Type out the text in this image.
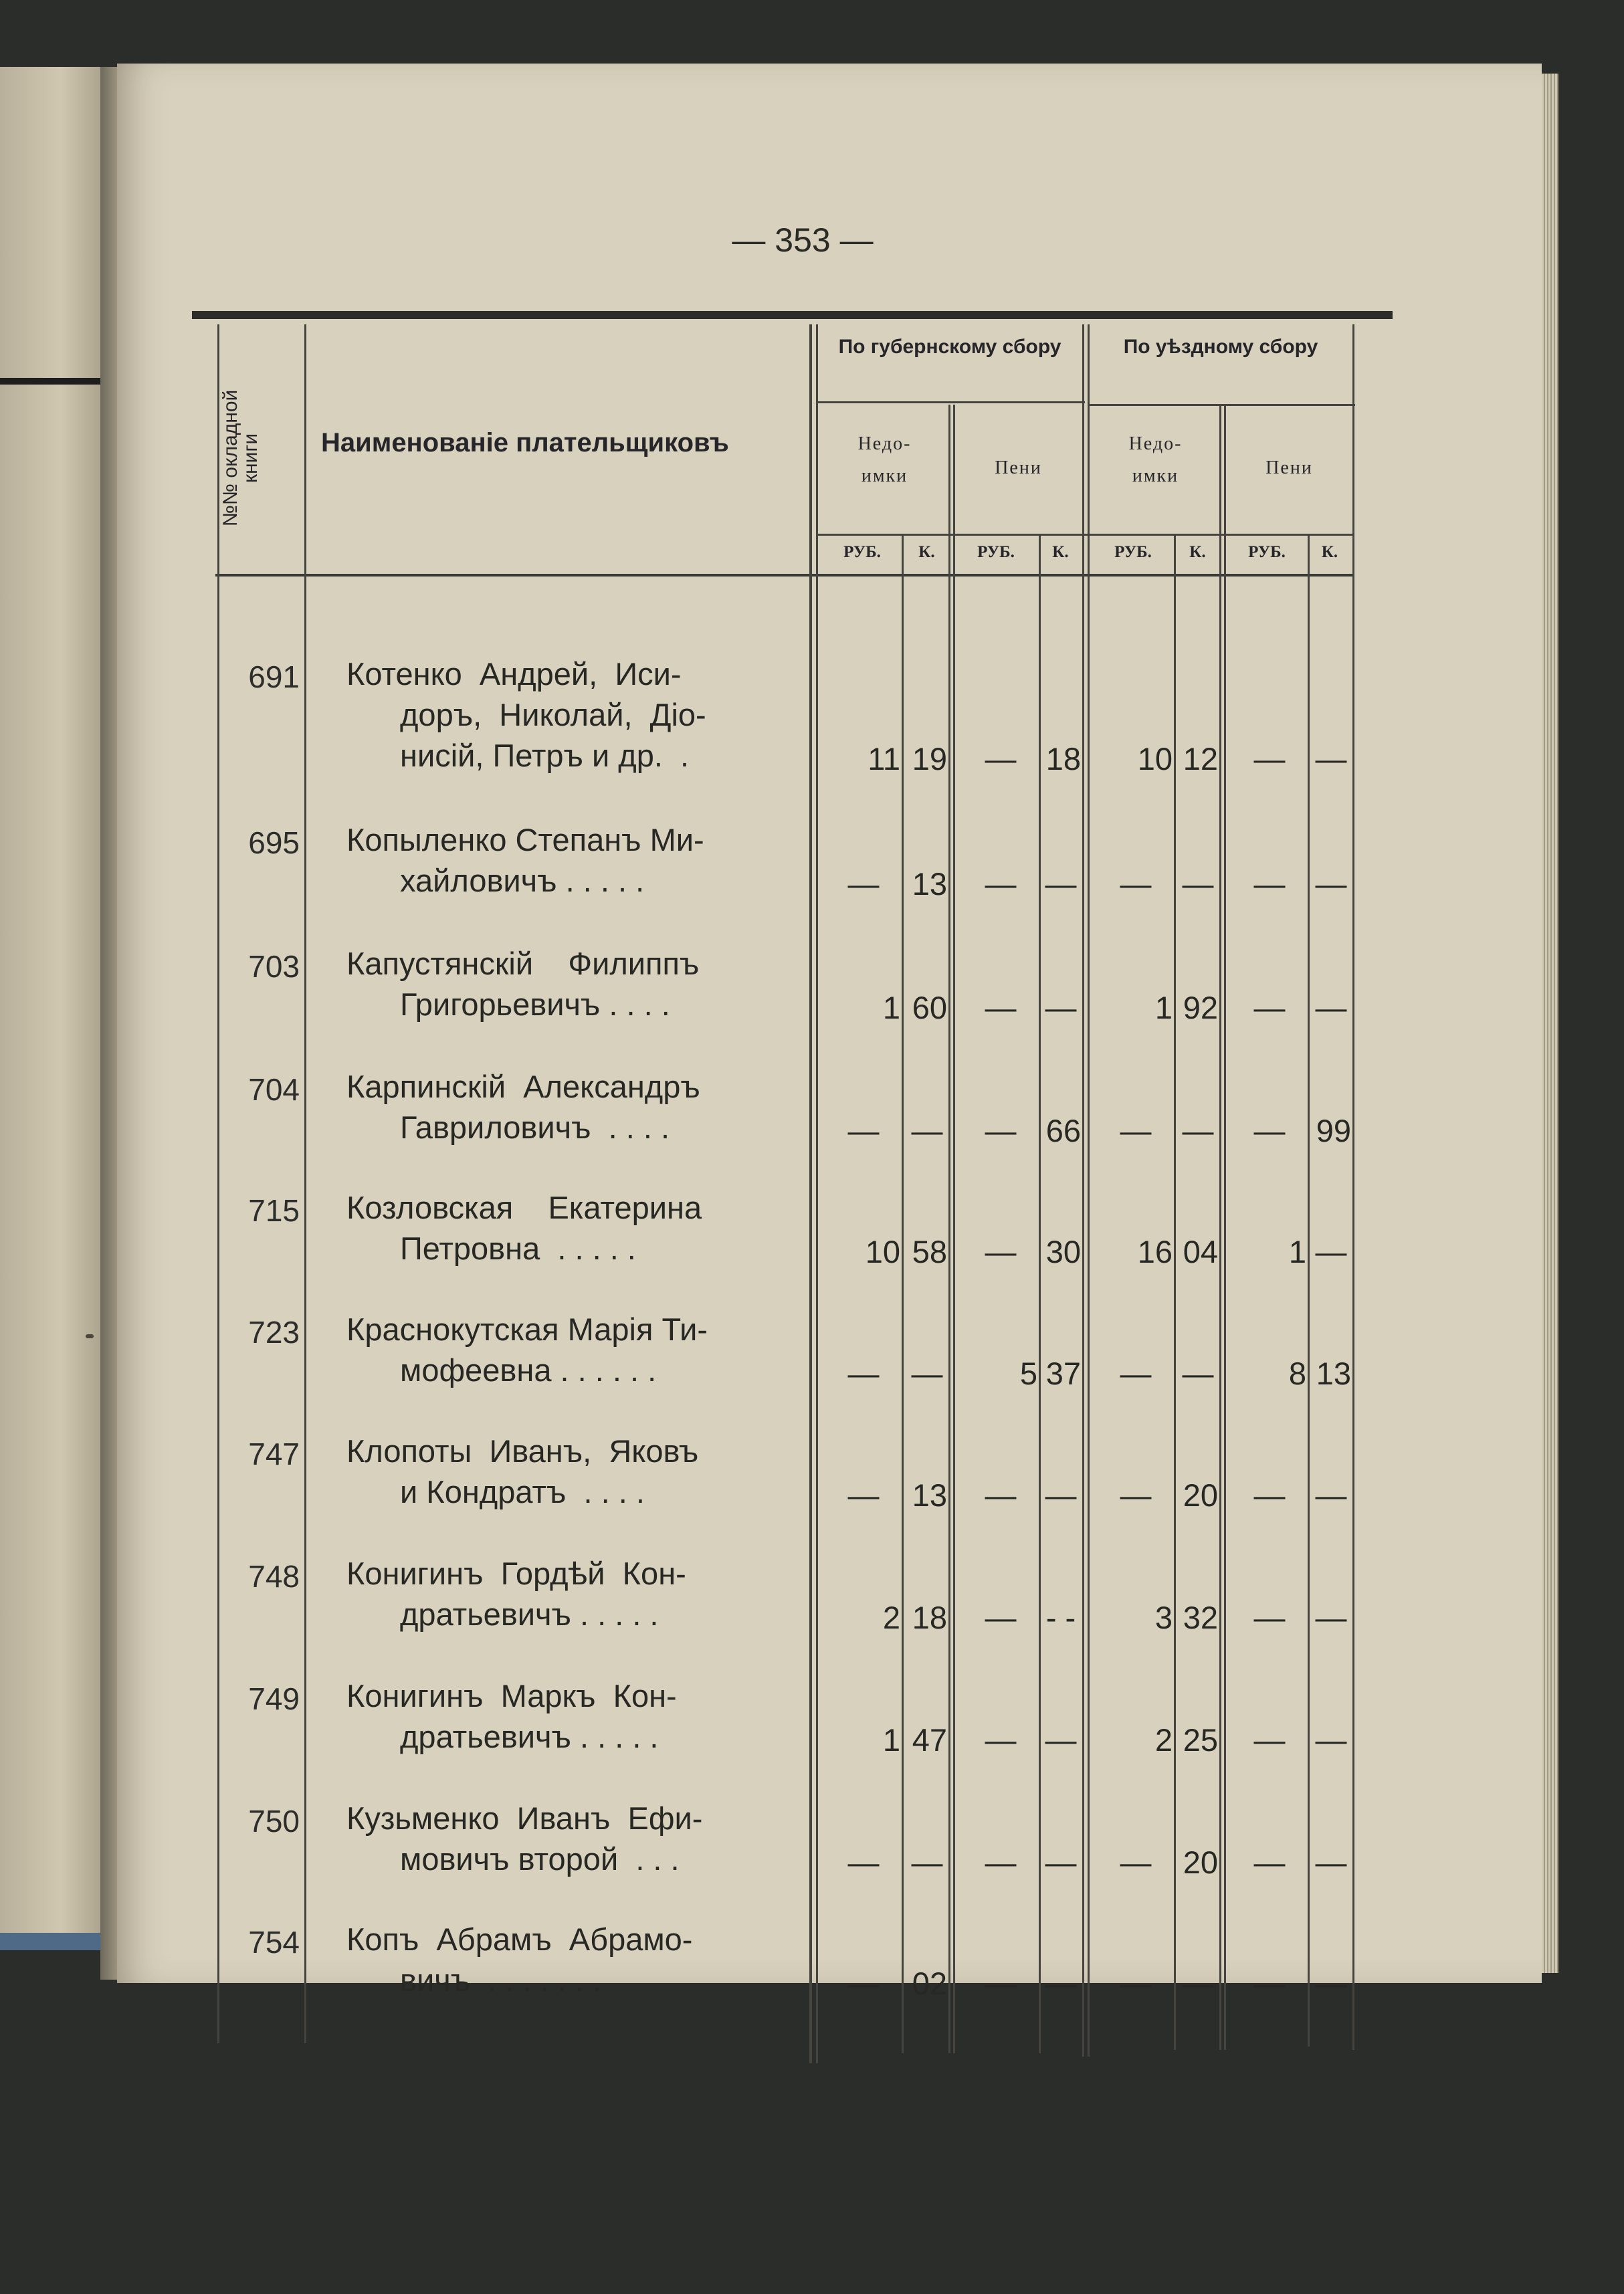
— 353 —
№№ окладной книги Наименованіе плательщиковъ
По губернскому сбору	По уѣздному сбору
Недо-
имки	Пени
Недо-
имки	Пени
РУБ.	К.	РУБ.	К.	РУБ.	К.	РУБ.	К.
691 Котенко  Андрей,  Иси-
доръ,  Николай,  Діо-
нисій, Петръ и др.  .	11 19	— 18	10 12	— —
695 Копыленко Степанъ Ми-
хайловичъ . . . . .	—	13	— —	— —	— —
703 Капустянскій    Филиппъ
Григорьевичъ . . . .	1 60	— —	1 92	— —
704 Карпинскій  Александръ
Гавриловичъ  . . . .	—	—	— 66	— —	— 99
715 Козловская    Екатерина
Петровна  . . . . .	10 58	— 30	16 04	1 —
723 Краснокутская Марія Ти-
мофеевна . . . . . .	—	—	5 37	— —	8 13
747 Клопоты  Иванъ,  Яковъ
и Кондратъ  . . . .	—	13	— —	—	20	— —
748 Конигинъ  Гордѣй  Кон-
дратьевичъ . . . . .	2 18	— - -	3 32	— —
749 Конигинъ  Маркъ  Кон-
дратьевичъ . . . . .	1 47	— —	2 25	— —
750 Кузьменко  Иванъ  Ефи-
мовичъ второй  . . .	—	—	— —	—	20	— —
754 Копъ  Абрамъ  Абрамо-
вичъ  . . . . . . .	—	02	— —	— —	— —
23
